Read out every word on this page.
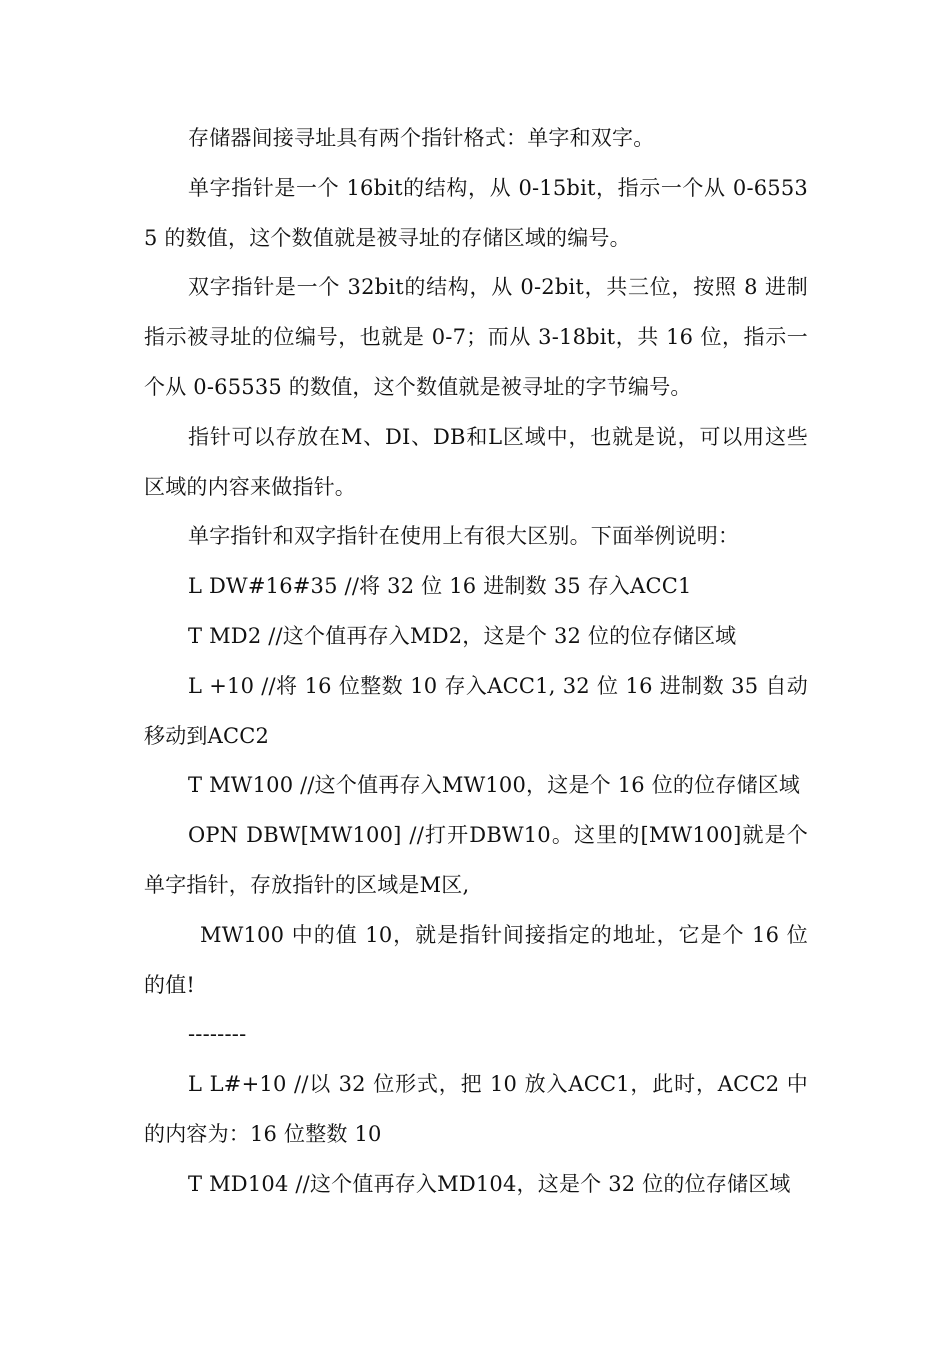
存储器间接寻址具有两个指针格式：单字和双字。

单字指针是一个 16bit的结构，从 0-15bit，指示一个从 0-65535 的数值，这个数值就是被寻址的存储区域的编号。

双字指针是一个 32bit的结构，从 0-2bit，共三位，按照 8 进制指示被寻址的位编号，也就是 0-7；而从 3-18bit，共 16 位，指示一个从 0-65535 的数值，这个数值就是被寻址的字节编号。

指针可以存放在M、DI、DB和L区域中，也就是说，可以用这些区域的内容来做指针。

单字指针和双字指针在使用上有很大区别。下面举例说明：

L DW#16#35 //将 32 位 16 进制数 35 存入ACC1

T MD2 //这个值再存入MD2，这是个 32 位的位存储区域

L +10 //将 16 位整数 10 存入ACC1, 32 位 16 进制数 35 自动移动到ACC2

T MW100 //这个值再存入MW100，这是个 16 位的位存储区域

OPN DBW[MW100] //打开DBW10。这里的[MW100]就是个单字指针，存放指针的区域是M区,

MW100 中的值 10，就是指针间接指定的地址，它是个 16 位的值!

--------

L L#+10 //以 32 位形式，把 10 放入ACC1，此时，ACC2 中的内容为：16 位整数 10

T MD104 //这个值再存入MD104，这是个 32 位的位存储区域
